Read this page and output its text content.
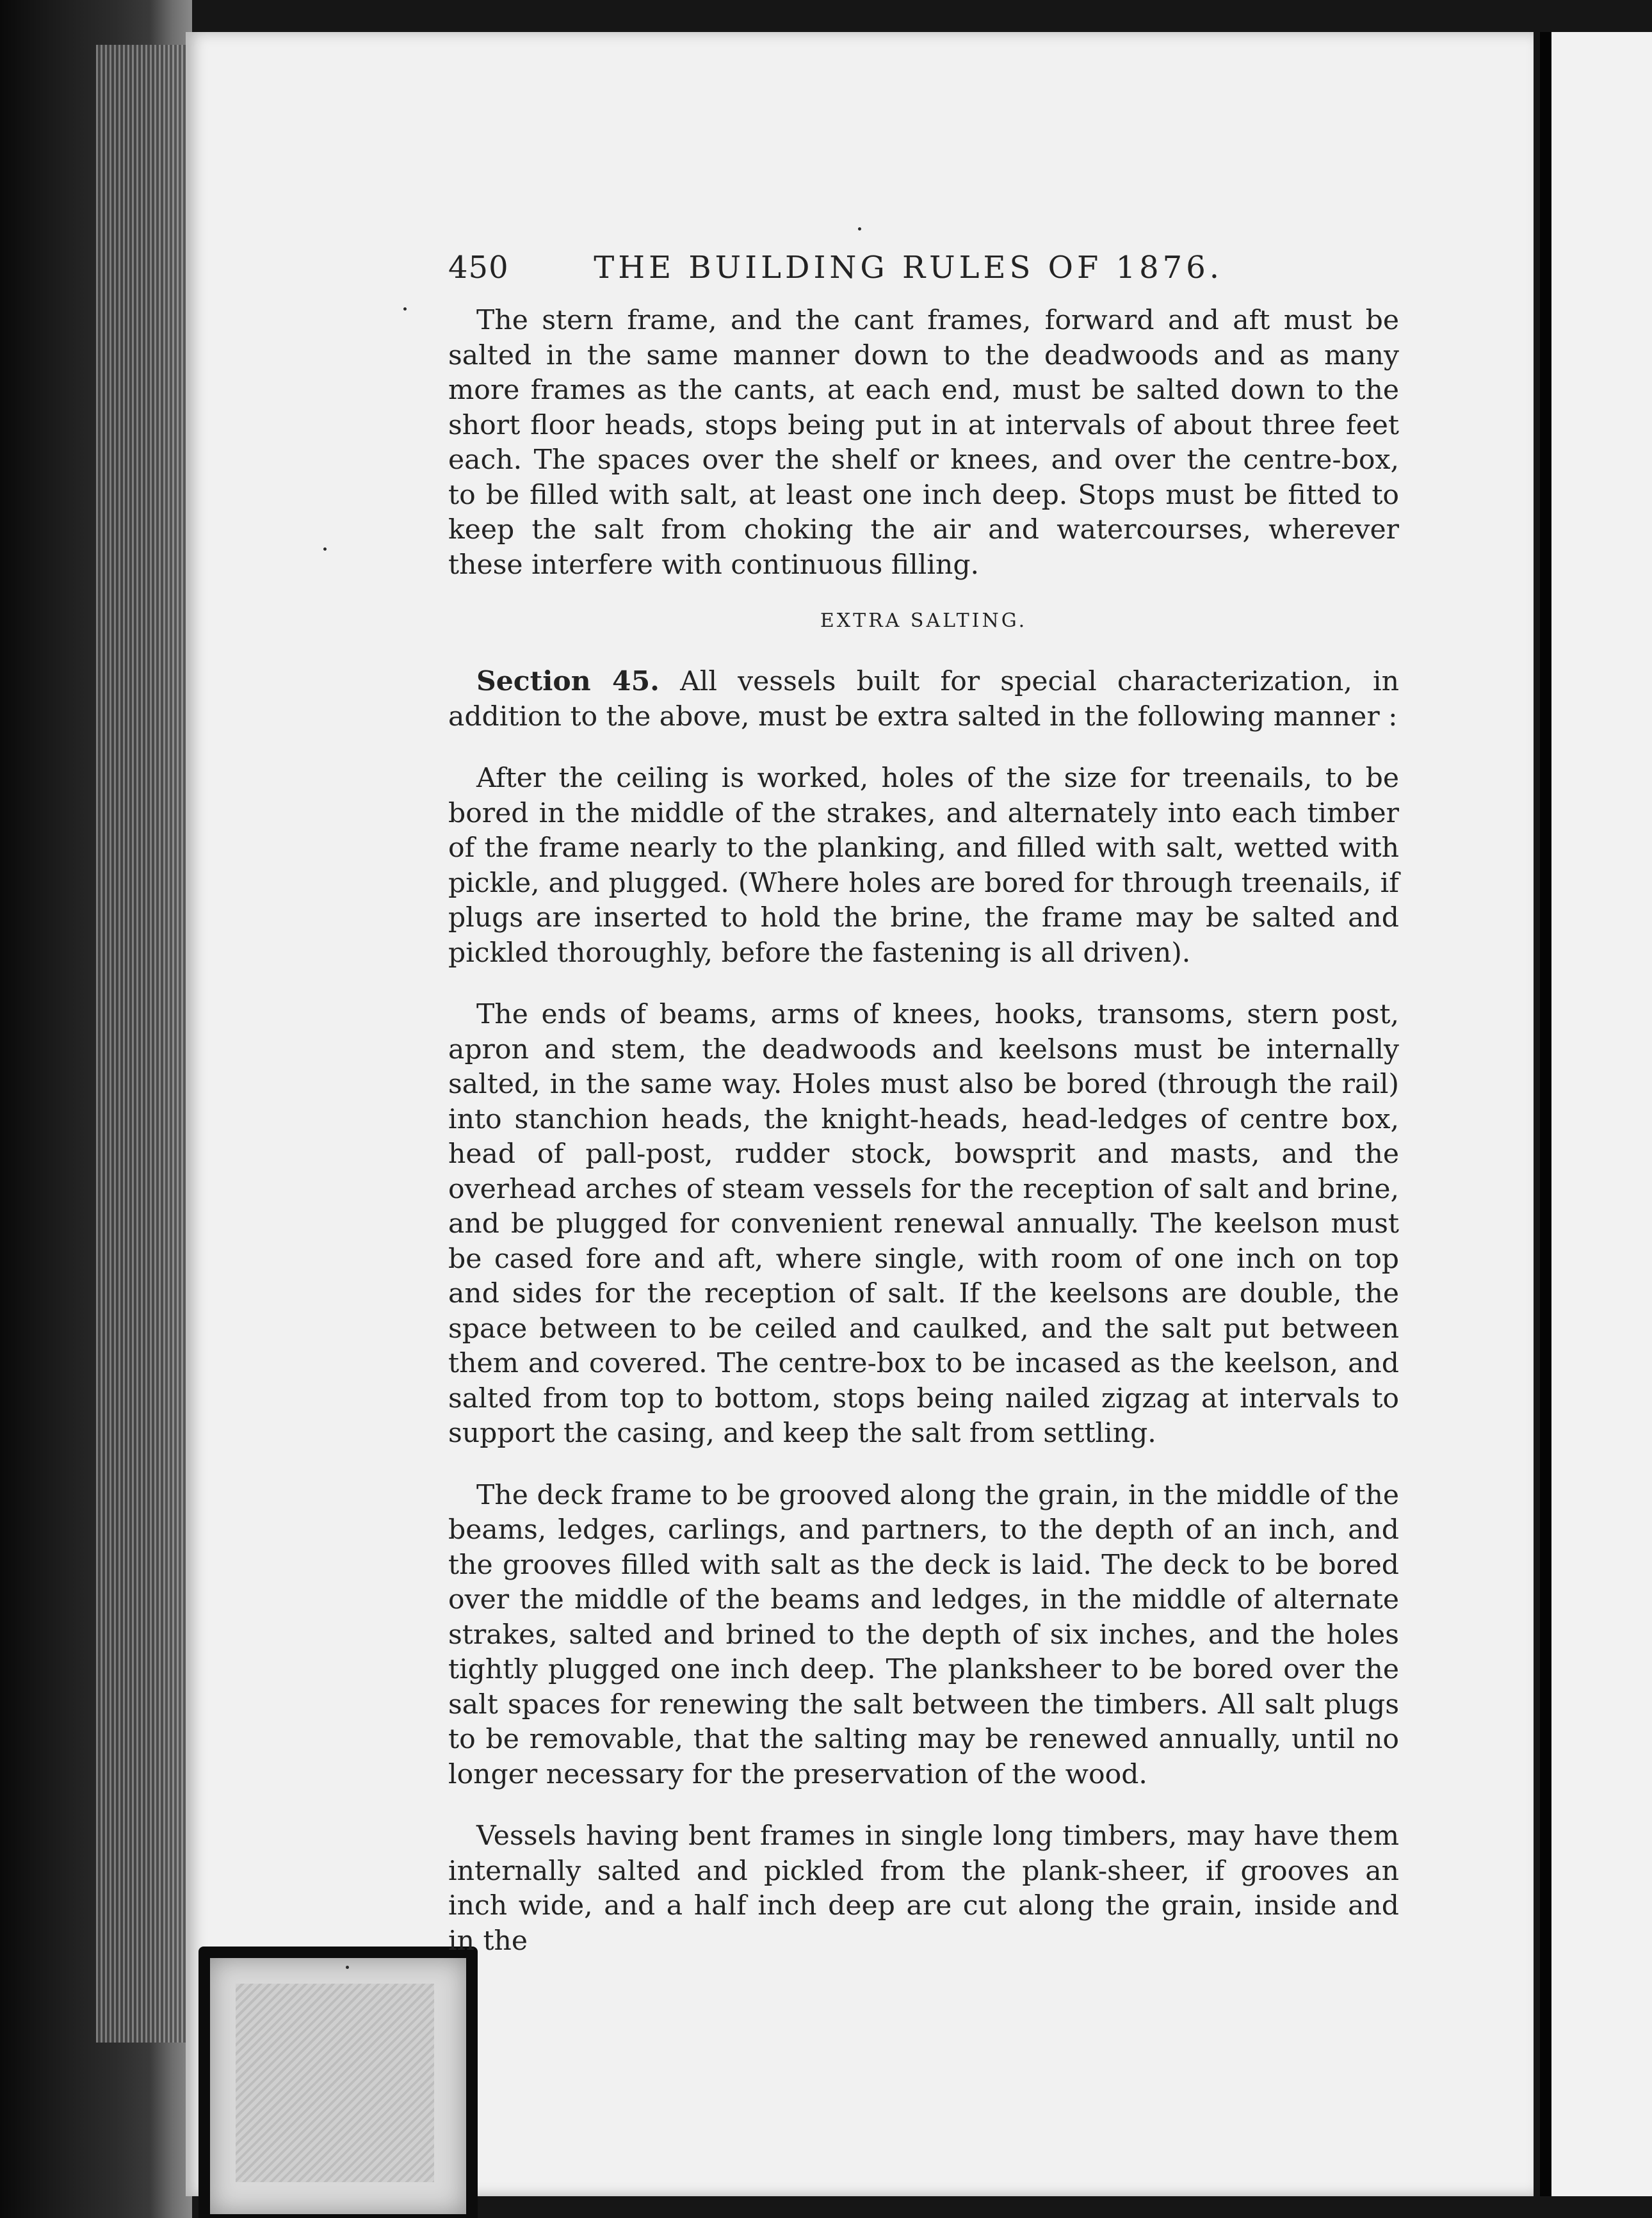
450	THE BUILDING RULES OF 1876.

The stern frame, and the cant frames, forward and aft must be salted in the same manner down to the deadwoods and as many more frames as the cants, at each end, must be salted down to the short floor heads, stops being put in at intervals of about three feet each. The spaces over the shelf or knees, and over the centre-box, to be filled with salt, at least one inch deep. Stops must be fitted to keep the salt from choking the air and watercourses, wherever these interfere with continuous filling.

EXTRA SALTING.

Section 45. All vessels built for special characterization, in addition to the above, must be extra salted in the following manner :

After the ceiling is worked, holes of the size for treenails, to be bored in the middle of the strakes, and alternately into each timber of the frame nearly to the planking, and filled with salt, wetted with pickle, and plugged. (Where holes are bored for through treenails, if plugs are inserted to hold the brine, the frame may be salted and pickled thoroughly, before the fastening is all driven).

The ends of beams, arms of knees, hooks, transoms, stern post, apron and stem, the deadwoods and keelsons must be internally salted, in the same way. Holes must also be bored (through the rail) into stanchion heads, the knight-heads, head-ledges of centre box, head of pall-post, rudder stock, bowsprit and masts, and the overhead arches of steam vessels for the reception of salt and brine, and be plugged for convenient renewal annually. The keelson must be cased fore and aft, where single, with room of one inch on top and sides for the reception of salt. If the keelsons are double, the space between to be ceiled and caulked, and the salt put between them and covered. The centre-box to be incased as the keelson, and salted from top to bottom, stops being nailed zigzag at intervals to support the casing, and keep the salt from settling.

The deck frame to be grooved along the grain, in the middle of the beams, ledges, carlings, and partners, to the depth of an inch, and the grooves filled with salt as the deck is laid. The deck to be bored over the middle of the beams and ledges, in the middle of alternate strakes, salted and brined to the depth of six inches, and the holes tightly plugged one inch deep. The planksheer to be bored over the salt spaces for renewing the salt between the timbers. All salt plugs to be removable, that the salting may be renewed annually, until no longer necessary for the preservation of the wood.

Vessels having bent frames in single long timbers, may have them internally salted and pickled from the plank-sheer, if grooves an inch wide, and a half inch deep are cut along the grain, inside and in the
